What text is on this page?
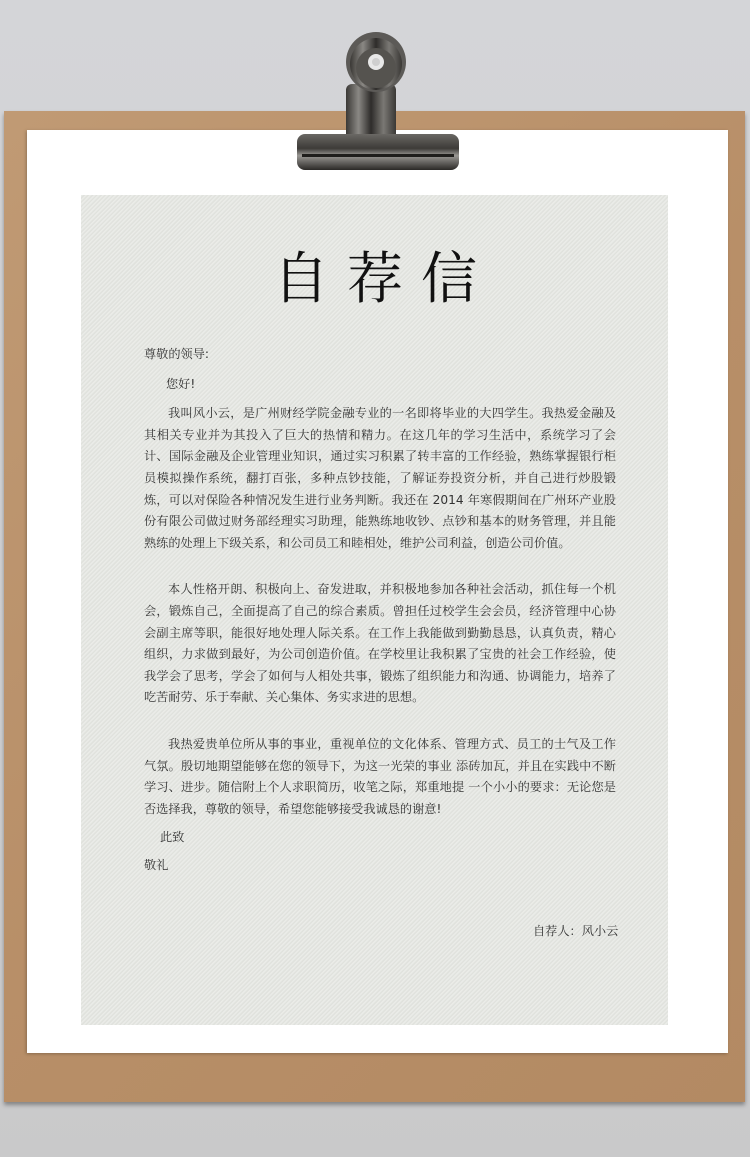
自荐信

尊敬的领导:

您好!

我叫风小云，是广州财经学院金融专业的一名即将毕业的大四学生。我热爱金融及其相关专业并为其投入了巨大的热情和精力。在这几年的学习生活中，系统学习了会计、国际金融及企业管理业知识，通过实习积累了转丰富的工作经验，熟练掌握银行柜员模拟操作系统，翻打百张，多种点钞技能，了解证券投资分析，并自己进行炒股锻炼，可以对保险各种情况发生进行业务判断。我还在 2014 年寒假期间在广州环产业股份有限公司做过财务部经理实习助理，能熟练地收钞、点钞和基本的财务管理，并且能熟练的处理上下级关系，和公司员工和睦相处，维护公司利益，创造公司价值。

本人性格开朗、积极向上、奋发进取，并积极地参加各种社会活动，抓住每一个机会，锻炼自己，全面提高了自己的综合素质。曾担任过校学生会会员，经济管理中心协会副主席等职，能很好地处理人际关系。在工作上我能做到勤勤恳恳，认真负责，精心组织，力求做到最好，为公司创造价值。在学校里让我积累了宝贵的社会工作经验，使我学会了思考，学会了如何与人相处共事，锻炼了组织能力和沟通、协调能力，培养了吃苦耐劳、乐于奉献、关心集体、务实求进的思想。

我热爱贵单位所从事的事业，重视单位的文化体系、管理方式、员工的士气及工作气氛。殷切地期望能够在您的领导下，为这一光荣的事业 添砖加瓦，并且在实践中不断学习、进步。随信附上个人求职简历，收笔之际，郑重地提 一个小小的要求：无论您是否选择我，尊敬的领导，希望您能够接受我诚恳的谢意!

此致
敬礼
自荐人：风小云
